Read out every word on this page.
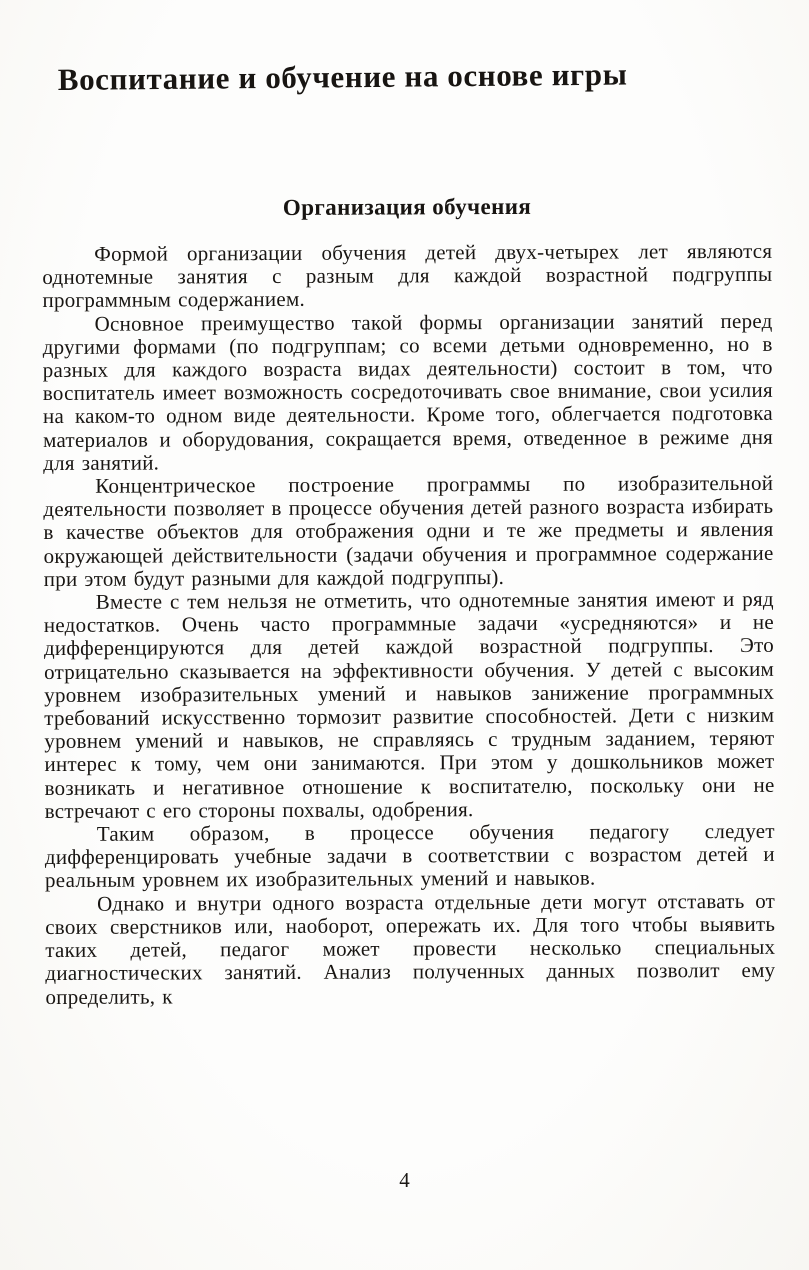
Воспитание и обучение на основе игры
Организация обучения

Формой организации обучения детей двух-четырех лет являются однотемные занятия с разным для каждой возрастной подгруппы программным содержанием.

Основное преимущество такой формы организации занятий перед другими формами (по подгруппам; со всеми детьми одновременно, но в разных для каждого возраста видах деятельности) состоит в том, что воспитатель имеет возможность сосредоточивать свое внимание, свои усилия на каком-то одном виде деятельности. Кроме того, облегчается подготовка материалов и оборудования, сокращается время, отведенное в режиме дня для занятий.

Концентрическое построение программы по изобразительной деятельности позволяет в процессе обучения детей разного возраста избирать в качестве объектов для отображения одни и те же предметы и явления окружающей действительности (задачи обучения и программное содержание при этом будут разными для каждой подгруппы).

Вместе с тем нельзя не отметить, что однотемные занятия имеют и ряд недостатков. Очень часто программные задачи «усредняются» и не дифференцируются для детей каждой возрастной подгруппы. Это отрицательно сказывается на эффективности обучения. У детей с высоким уровнем изобразительных умений и навыков занижение программных требований искусственно тормозит развитие способностей. Дети с низким уровнем умений и навыков, не справляясь с трудным заданием, теряют интерес к тому, чем они занимаются. При этом у дошкольников может возникать и негативное отношение к воспитателю, поскольку они не встречают с его стороны похвалы, одобрения.

Таким образом, в процессе обучения педагогу следует дифференцировать учебные задачи в соответствии с возрастом детей и реальным уровнем их изобразительных умений и навыков.

Однако и внутри одного возраста отдельные дети могут отставать от своих сверстников или, наоборот, опережать их. Для того чтобы выявить таких детей, педагог может провести несколько специальных диагностических занятий. Анализ полученных данных позволит ему определить, к

4
